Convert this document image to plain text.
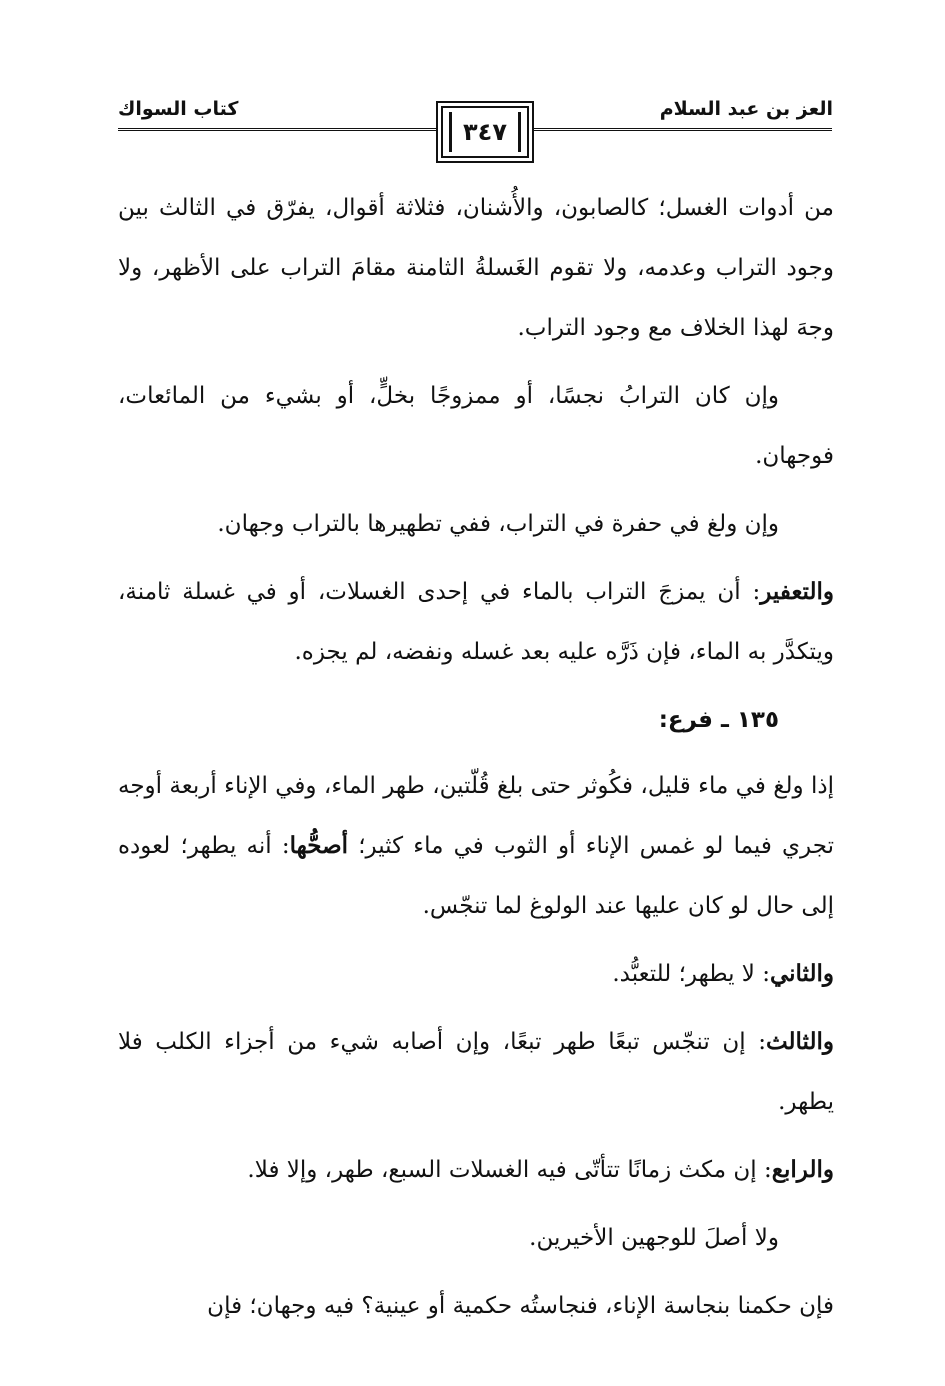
العز بن عبد السلام
كتاب السواك
٣٤٧

من أدوات الغسل؛ كالصابون، والأُشنان، فثلاثة أقوال، يفرّق في الثالث بين وجود التراب وعدمه، ولا تقوم الغَسلةُ الثامنة مقامَ التراب على الأظهر، ولا وجهَ لهذا الخلاف مع وجود التراب.

وإن كان الترابُ نجسًا، أو ممزوجًا بخلٍّ، أو بشيء من المائعات، فوجهان.

وإن ولغ في حفرة في التراب، ففي تطهيرها بالتراب وجهان.

والتعفير: أن يمزجَ التراب بالماء في إحدى الغسلات، أو في غسلة ثامنة، ويتكدَّر به الماء، فإن ذَرَّه عليه بعد غسله ونفضه، لم يجزه.

١٣٥ ـ فرع:

إذا ولغ في ماء قليل، فكُوثر حتى بلغ قُلّتين، طهر الماء، وفي الإناء أربعة أوجه تجري فيما لو غمس الإناء أو الثوب في ماء كثير؛ أصحُّها: أنه يطهر؛ لعوده إلى حال لو كان عليها عند الولوغ لما تنجّس.

والثاني: لا يطهر؛ للتعبُّد.

والثالث: إن تنجّس تبعًا طهر تبعًا، وإن أصابه شيء من أجزاء الكلب فلا يطهر.

والرابع: إن مكث زمانًا تتأتّى فيه الغسلات السبع، طهر، وإلا فلا.

ولا أصلَ للوجهين الأخيرين.

فإن حكمنا بنجاسة الإناء، فنجاستُه حكمية أو عينية؟ فيه وجهان؛ فإن
